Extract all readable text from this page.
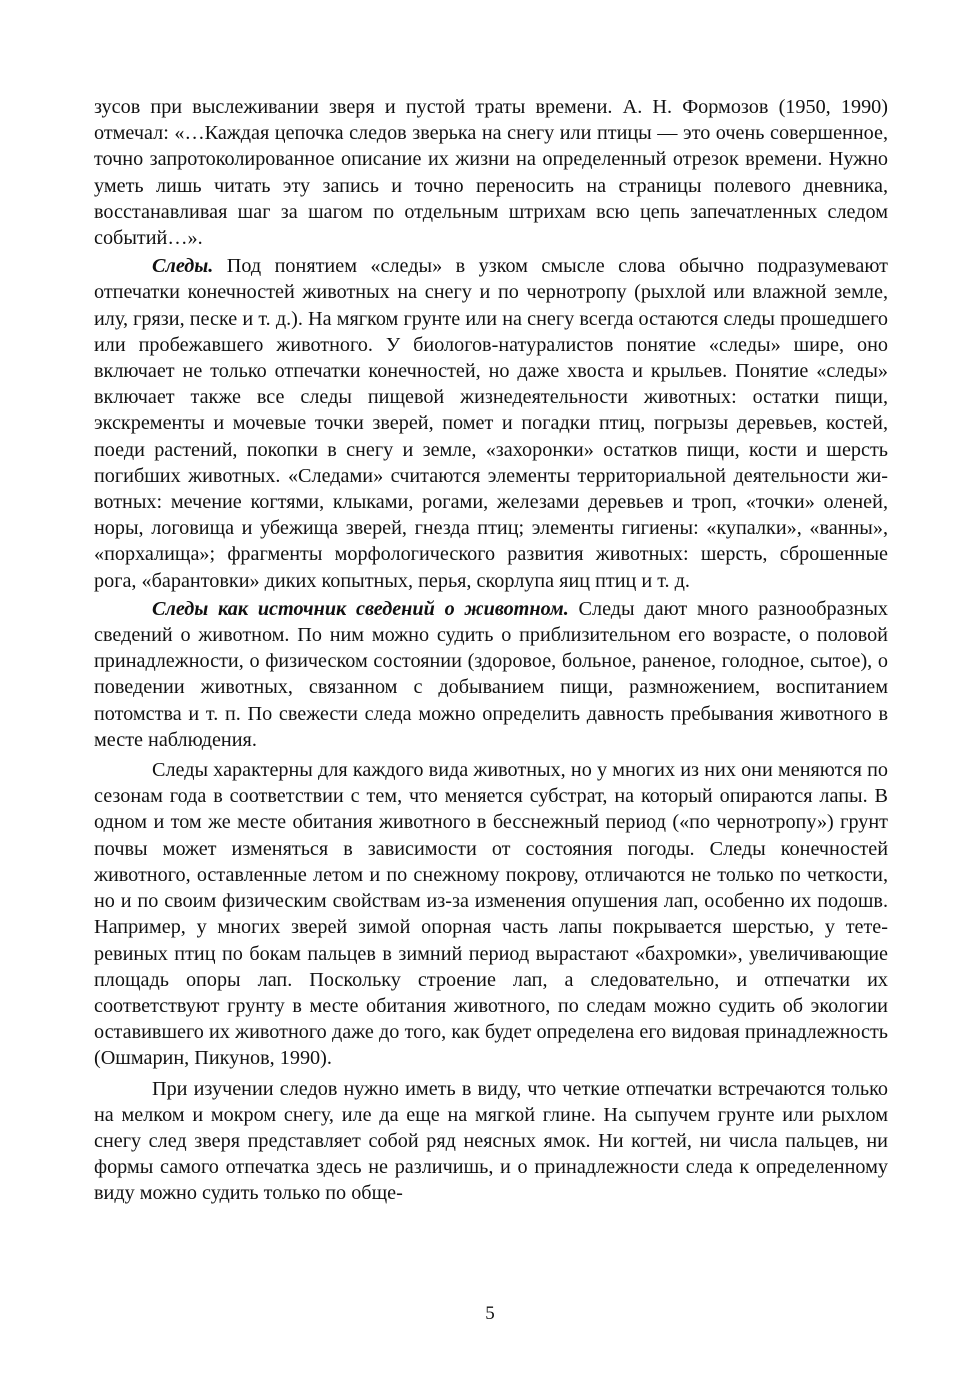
зусов при выслеживании зверя и пустой траты времени. А. Н. Формозов (1950, 1990) отмечал: «…Каждая цепочка следов зверька на снегу или птицы — это очень совершенное, точно запротоколированное описание их жизни на определенный отрезок времени. Нужно уметь лишь читать эту запись и точно переносить на страницы полевого дневника, восстанавливая шаг за шагом по отдельным штрихам всю цепь запечатленных следом событий…».

Следы. Под понятием «следы» в узком смысле слова обычно подразумевают отпечатки конечностей животных на снегу и по чернотропу (рыхлой или влажной земле, илу, грязи, песке и т. д.). На мягком грунте или на снегу всегда остаются следы прошедшего или пробежавшего животного. У биологов-натуралистов понятие «следы» шире, оно включает не только отпечатки конечностей, но даже хвоста и крыльев. Понятие «следы» включает также все следы пищевой жизнедеятельности животных: остатки пищи, экскременты и мочевые точки зверей, помет и погадки птиц, погрызы деревьев, костей, поеди растений, покопки в снегу и земле, «захоронки» остатков пищи, кости и шерсть погибших животных. «Следами» считаются элементы территориальной деятельности животных: мечение когтями, клыками, рогами, железами деревьев и троп, «точки» оленей, норы, логовища и убежища зверей, гнезда птиц; элементы гигиены: «купалки», «ванны», «порхалища»; фрагменты морфологического развития животных: шерсть, сброшенные рога, «барантовки» диких копытных, перья, скорлупа яиц птиц и т. д.

Следы как источник сведений о животном. Следы дают много разнообразных сведений о животном. По ним можно судить о приблизительном его возрасте, о половой принадлежности, о физическом состоянии (здоровое, больное, раненое, голодное, сытое), о поведении животных, связанном с добыванием пищи, размножением, воспитанием потомства и т. п. По свежести следа можно определить давность пребывания животного в месте наблюдения.

Следы характерны для каждого вида животных, но у многих из них они меняются по сезонам года в соответствии с тем, что меняется субстрат, на который опираются лапы. В одном и том же месте обитания животного в бесснежный период («по чернотропу») грунт почвы может изменяться в зависимости от состояния погоды. Следы конечностей животного, оставленные летом и по снежному покрову, отличаются не только по четкости, но и по своим физическим свойствам из-за изменения опушения лап, особенно их подошв. Например, у многих зверей зимой опорная часть лапы покрывается шерстью, у тетеревиных птиц по бокам пальцев в зимний период вырастают «бахромки», увеличивающие площадь опоры лап. Поскольку строение лап, а следовательно, и отпечатки их соответствуют грунту в месте обитания животного, по следам можно судить об экологии оставившего их животного даже до того, как будет определена его видовая принадлежность (Ошмарин, Пикунов, 1990).

При изучении следов нужно иметь в виду, что четкие отпечатки встречаются только на мелком и мокром снегу, иле да еще на мягкой глине. На сыпучем грунте или рыхлом снегу след зверя представляет собой ряд неясных ямок. Ни когтей, ни числа пальцев, ни формы самого отпечатка здесь не различишь, и о принадлежности следа к определенному виду можно судить только по обще-

5
